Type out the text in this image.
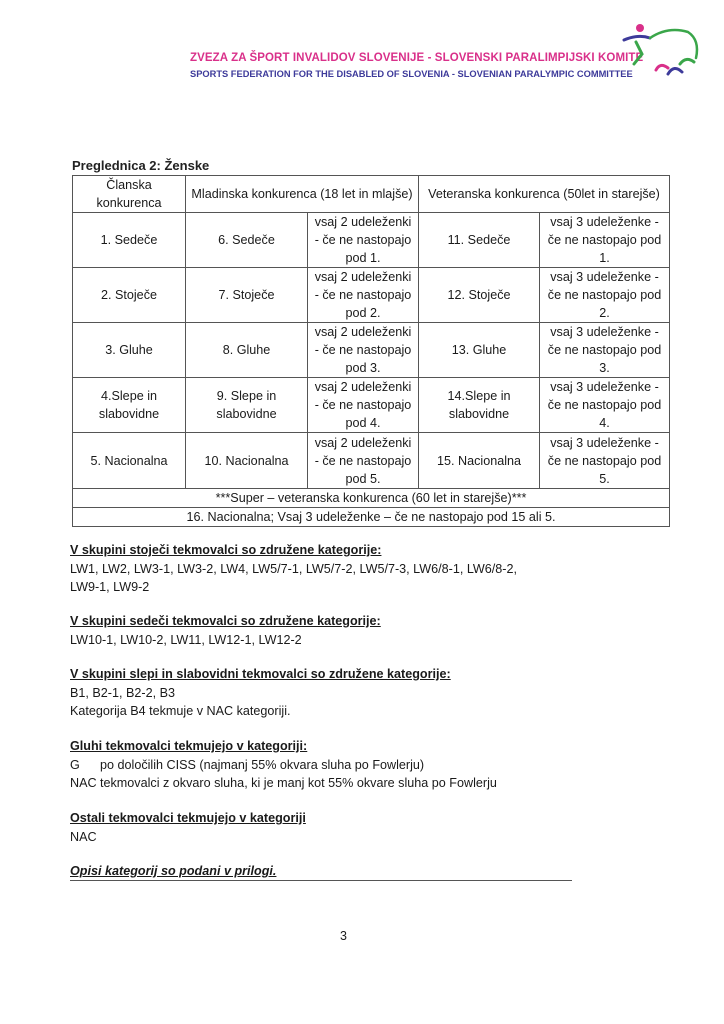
ZVEZA ZA ŠPORT INVALIDOV SLOVENIJE - SLOVENSKI PARALIMPIJSKI KOMITE
SPORTS FEDERATION FOR THE DISABLED OF SLOVENIA - SLOVENIAN PARALYMPIC COMMITTEE
Preglednica 2: Ženske
Članska konkurenca	Mladinska konkurenca (18 let in mlajše)		Veteranska konkurenca (50let in starejše)	
1. Sedeče	6. Sedeče	vsaj 2 udeleženki - če ne nastopajo pod 1.	11. Sedeče	vsaj 3 udeleženke - če ne nastopajo pod 1.
2. Stoječe	7. Stoječe	vsaj 2 udeleženki - če ne nastopajo pod 2.	12. Stoječe	vsaj 3 udeleženke - če ne nastopajo pod 2.
3. Gluhe	8. Gluhe	vsaj 2 udeleženki - če ne nastopajo pod 3.	13. Gluhe	vsaj 3 udeleženke - če ne nastopajo pod 3.
4.Slepe in slabovidne	9. Slepe in slabovidne	vsaj 2 udeleženki - če ne nastopajo pod 4.	14.Slepe in slabovidne	vsaj 3 udeleženke - če ne nastopajo pod 4.
5. Nacionalna	10. Nacionalna	vsaj 2 udeleženki - če ne nastopajo pod 5.	15. Nacionalna	vsaj 3 udeleženke - če ne nastopajo pod 5.
***Super – veteranska konkurenca (60 let in starejše)***				
16. Nacionalna; Vsaj 3 udeleženke – če ne nastopajo pod 15 ali 5.				
V skupini stoječi tekmovalci so združene kategorije:
LW1, LW2, LW3-1, LW3-2, LW4, LW5/7-1, LW5/7-2, LW5/7-3, LW6/8-1, LW6/8-2,
LW9-1, LW9-2
V skupini sedeči tekmovalci so združene kategorije:
LW10-1, LW10-2, LW11, LW12-1, LW12-2
V skupini slepi in slabovidni tekmovalci so združene kategorije:
B1, B2-1, B2-2, B3
Kategorija B4 tekmuje v NAC kategoriji.
Gluhi tekmovalci tekmujejo v kategoriji:
G	po določilih CISS (najmanj 55% okvara sluha po Fowlerju)
NAC tekmovalci z okvaro sluha, ki je manj kot 55% okvare sluha po Fowlerju
Ostali tekmovalci tekmujejo v kategoriji
NAC
Opisi kategorij so podani v prilogi.
3
